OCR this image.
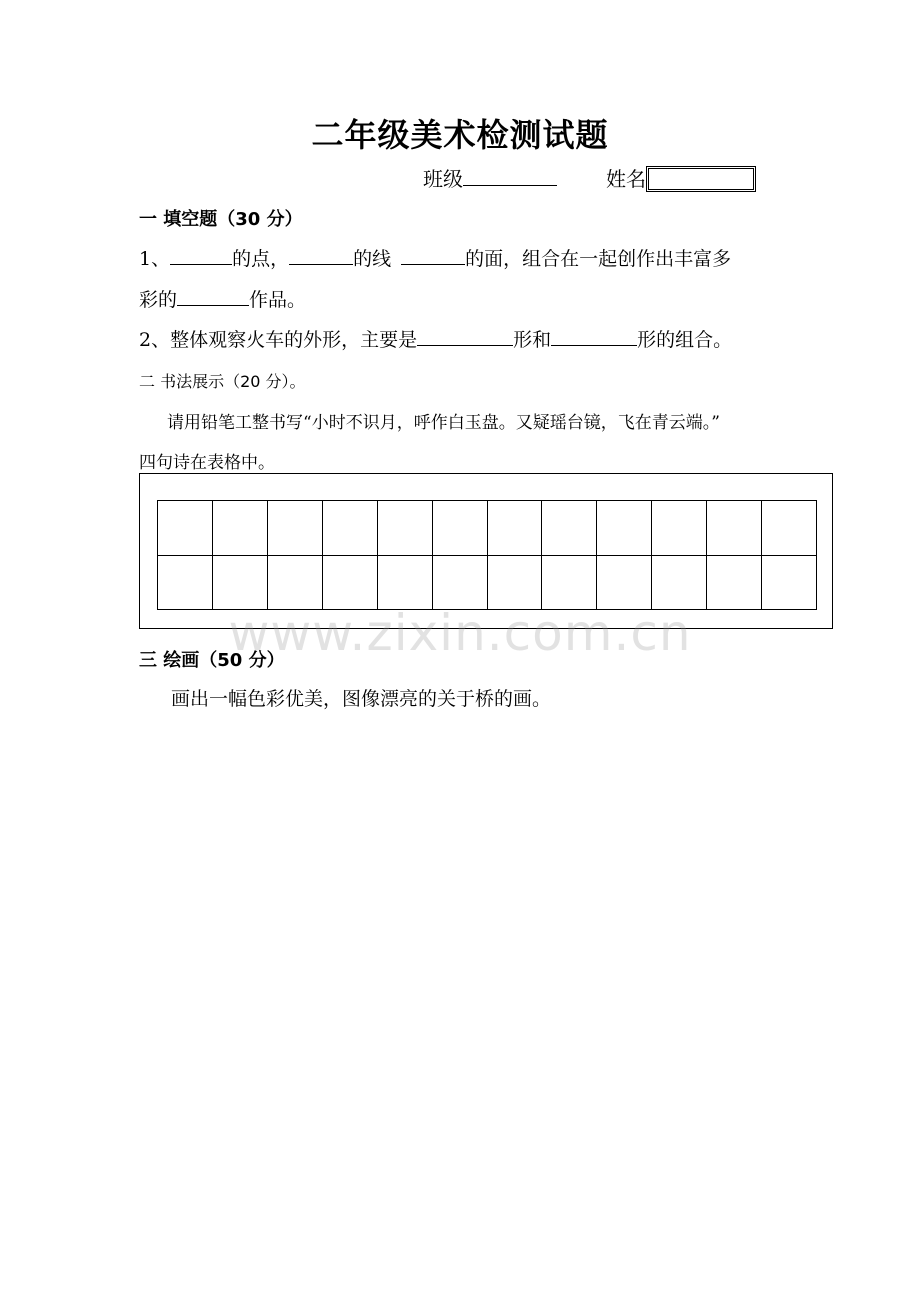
二年级美术检测试题
班级	姓名
一 填空题（30 分）
1、	的点，	的线	的面，组合在一起创作出丰富多
彩的	作品。
2、整体观察火车的外形，主要是	形和	形的组合。
二 书法展示（20 分）。
请用铅笔工整书写“小时不识月，呼作白玉盘。又疑瑶台镜，飞在青云端。”
四句诗在表格中。
www.zixin.com.cn
三 绘画（50 分）
画出一幅色彩优美，图像漂亮的关于桥的画。
